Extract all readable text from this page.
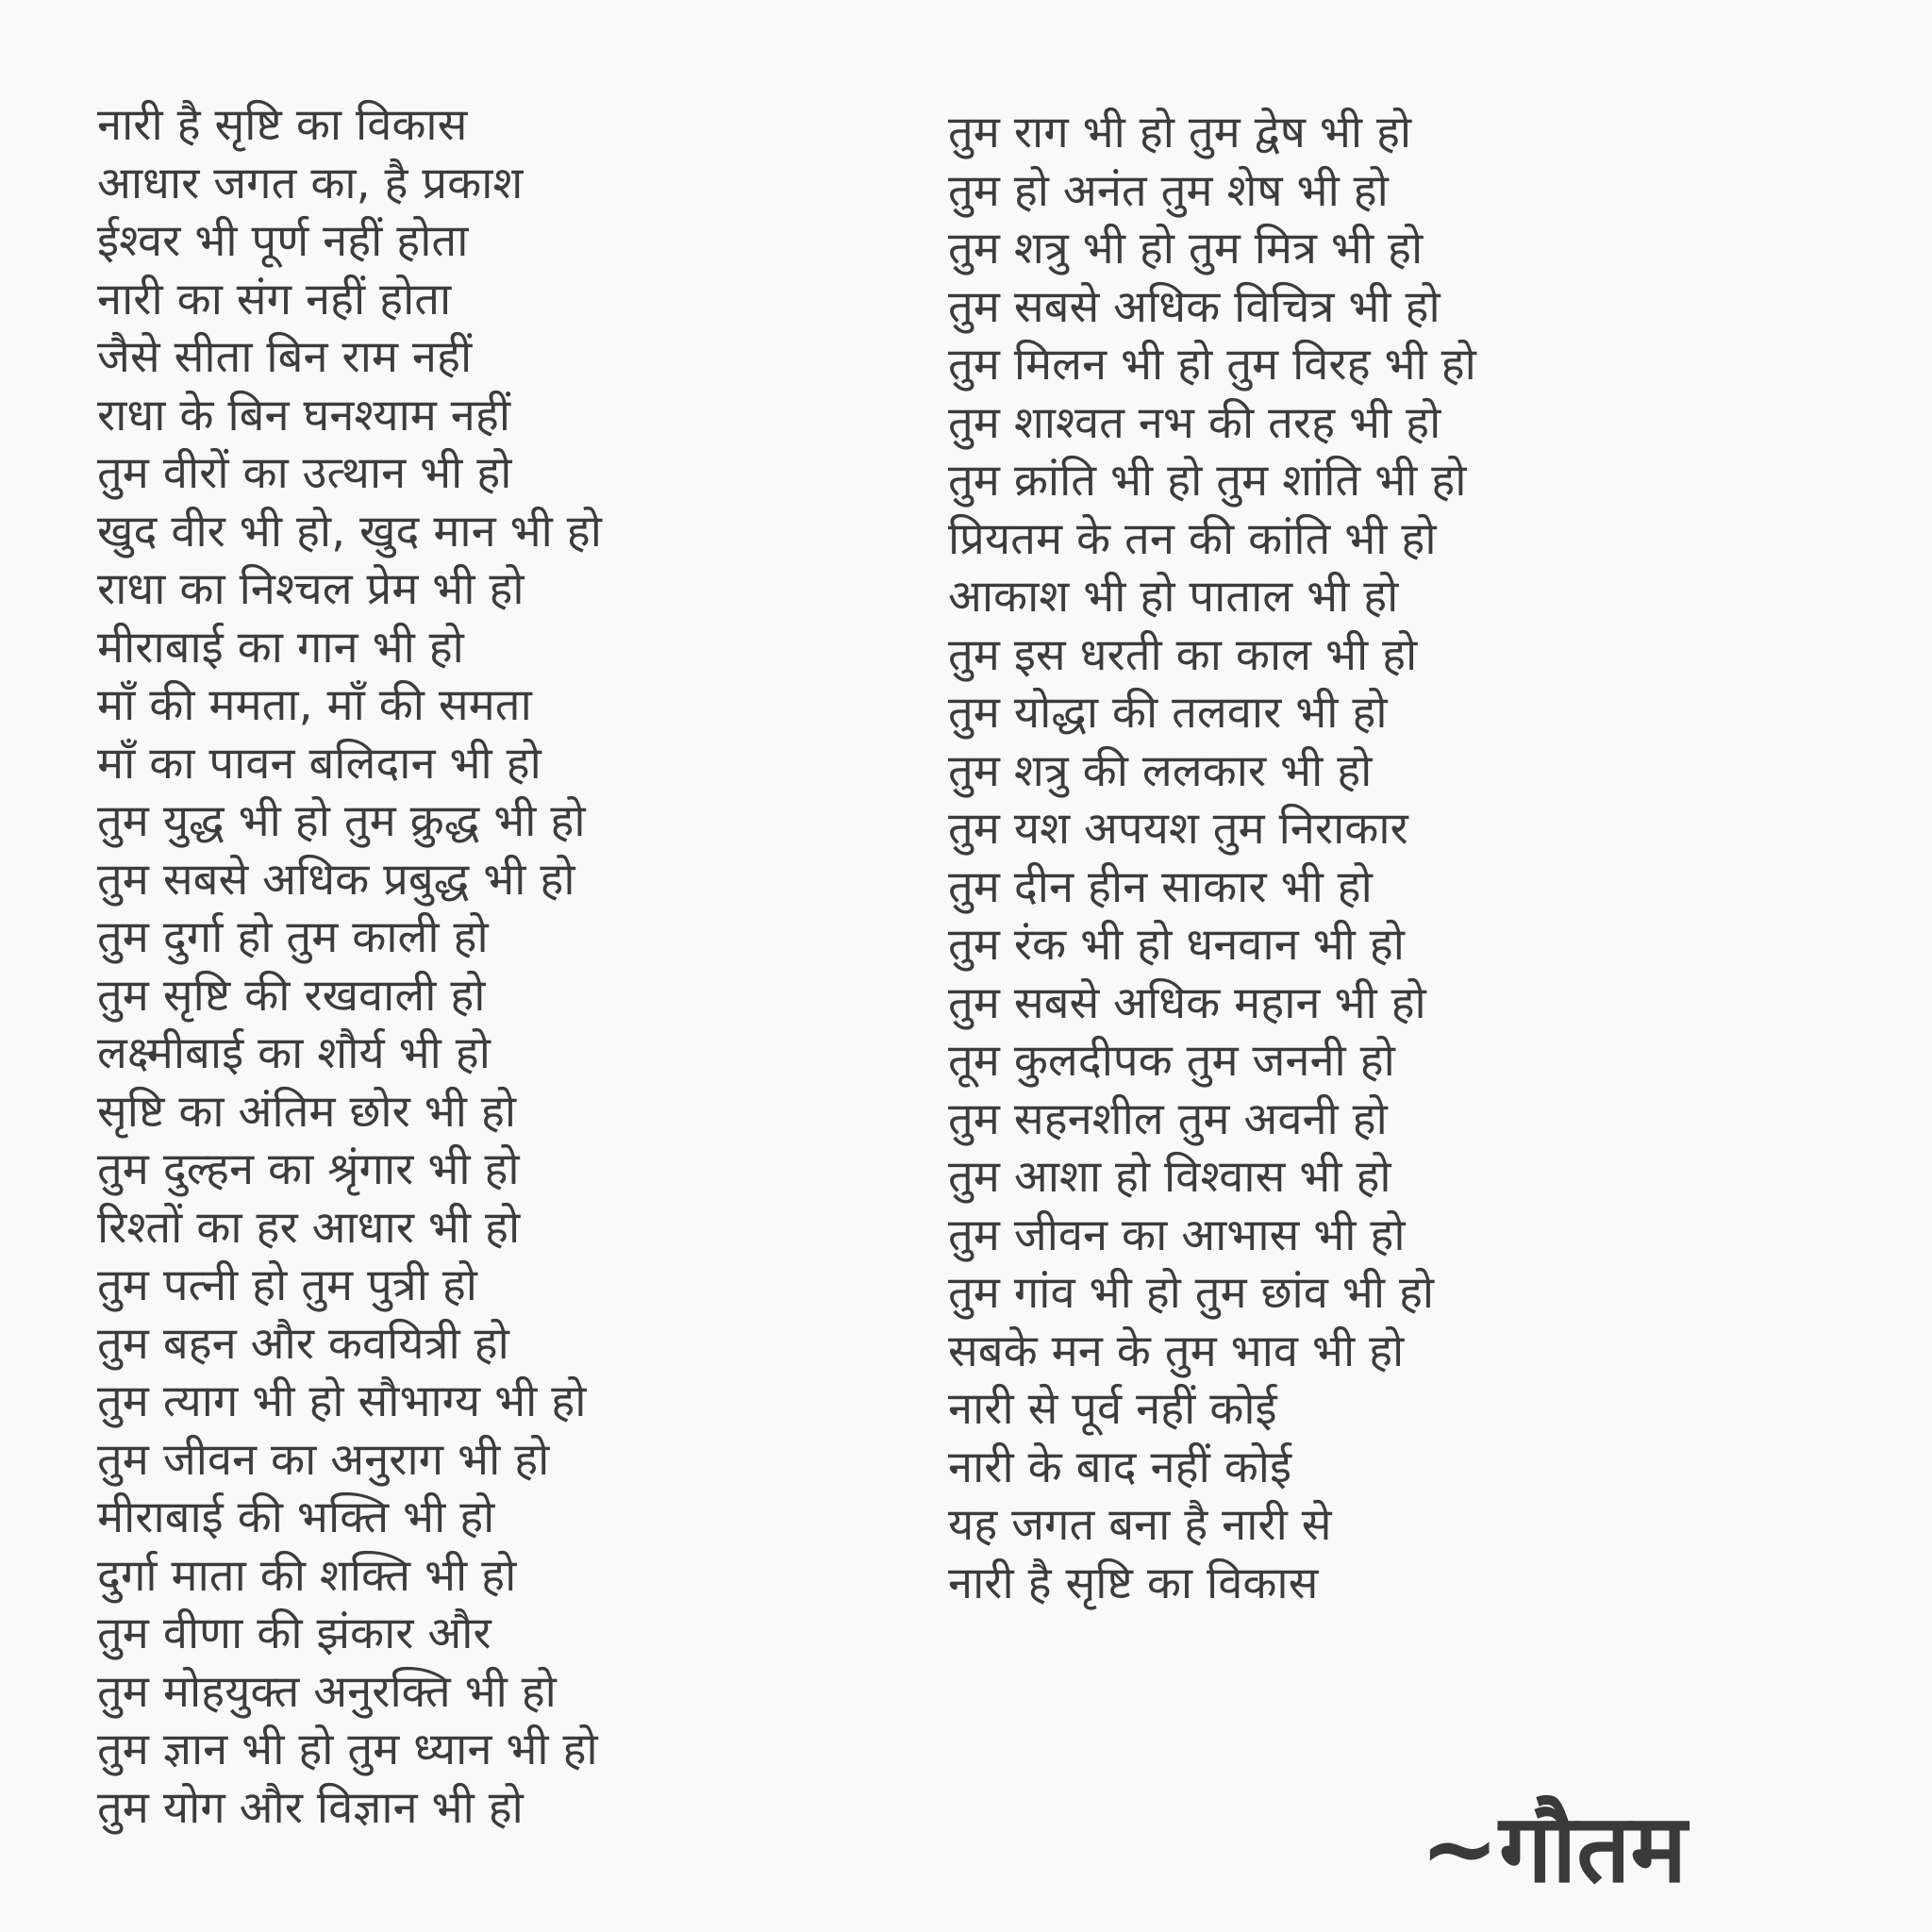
नारी है सृष्टि का विकास
आधार जगत का, है प्रकाश
ईश्वर भी पूर्ण नहीं होता
नारी का संग नहीं होता
जैसे सीता बिन राम नहीं
राधा के बिन घनश्याम नहीं
तुम वीरों का उत्थान भी हो
खुद वीर भी हो, खुद मान भी हो
राधा का निश्चल प्रेम भी हो
मीराबाई का गान भी हो
माँ की ममता, माँ की समता
माँ का पावन बलिदान भी हो
तुम युद्ध भी हो तुम क्रुद्ध भी हो
तुम सबसे अधिक प्रबुद्ध भी हो
तुम दुर्गा हो तुम काली हो
तुम सृष्टि की रखवाली हो
लक्ष्मीबाई का शौर्य भी हो
सृष्टि का अंतिम छोर भी हो
तुम दुल्हन का श्रृंगार भी हो
रिश्तों का हर आधार भी हो
तुम पत्नी हो तुम पुत्री हो
तुम बहन और कवयित्री हो
तुम त्याग भी हो सौभाग्य भी हो
तुम जीवन का अनुराग भी हो
मीराबाई की भक्ति भी हो
दुर्गा माता की शक्ति भी हो
तुम वीणा की झंकार और
तुम मोहयुक्त अनुरक्ति भी हो
तुम ज्ञान भी हो तुम ध्यान भी हो
तुम योग और विज्ञान भी हो
तुम राग भी हो तुम द्वेष भी हो
तुम हो अनंत तुम शेष भी हो
तुम शत्रु भी हो तुम मित्र भी हो
तुम सबसे अधिक विचित्र भी हो
तुम मिलन भी हो तुम विरह भी हो
तुम शाश्वत नभ की तरह भी हो
तुम क्रांति भी हो तुम शांति भी हो
प्रियतम के तन की कांति भी हो
आकाश भी हो पाताल भी हो
तुम इस धरती का काल भी हो
तुम योद्धा की तलवार भी हो
तुम शत्रु की ललकार भी हो
तुम यश अपयश तुम निराकार
तुम दीन हीन साकार भी हो
तुम रंक भी हो धनवान भी हो
तुम सबसे अधिक महान भी हो
तूम कुलदीपक तुम जननी हो
तुम सहनशील तुम अवनी हो
तुम आशा हो विश्वास भी हो
तुम जीवन का आभास भी हो
तुम गांव भी हो तुम छांव भी हो
सबके मन के तुम भाव भी हो
नारी से पूर्व नहीं कोई
नारी के बाद नहीं कोई
यह जगत बना है नारी से
नारी है सृष्टि का विकास
~गौतम
